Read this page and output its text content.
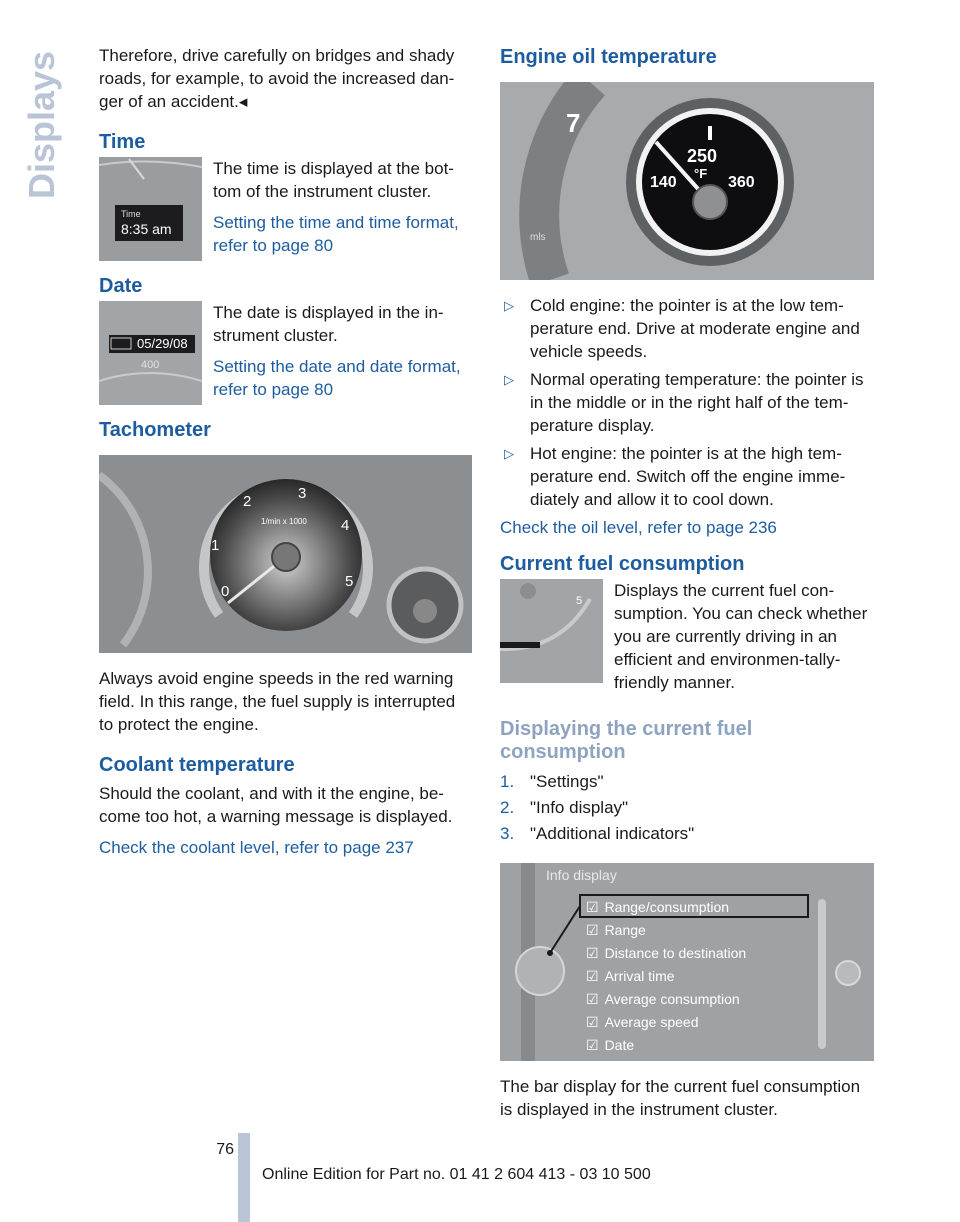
Displays Therefore, drive carefully on bridges and shady roads, for example, to avoid the increased dan-ger of an accident.◂

Time
Time
8:35 am

The time is displayed at the bot-tom of the instrument cluster.

Setting the time and time format, refer to page 80

Date
05/29/08
400

The date is displayed in the in-strument cluster.

Setting the date and date format, refer to page 80

Tachometer
0
1
2	3
4
5
1/min x 1000

Always avoid engine speeds in the red warning field. In this range, the fuel supply is interrupted to protect the engine.

Coolant temperature

Should the coolant, and with it the engine, be-come too hot, a warning message is displayed.

Check the coolant level, refer to page 237

Engine oil temperature
7
mls
250
°F
140	360
▷ Cold engine: the pointer is at the low tem-perature end. Drive at moderate engine and vehicle speeds.
▷ Normal operating temperature: the pointer is in the middle or in the right half of the tem-perature display.
▷ Hot engine: the pointer is at the high tem-perature end. Switch off the engine imme-diately and allow it to cool down.

Check the oil level, refer to page 236

Current fuel consumption
5

Displays the current fuel con-sumption. You can check whether you are currently driving in an efficient and environmen-tally-friendly manner.

Displaying the current fuel consumption
1. "Settings"
2. "Info display"
3. "Additional indicators"
Info display
☑ Range/consumption
☑ Range
☑ Distance to destination
☑ Arrival time
☑ Average consumption
☑ Average speed
☑ Date

The bar display for the current fuel consumption is displayed in the instrument cluster.

76
Online Edition for Part no. 01 41 2 604 413 - 03 10 500
